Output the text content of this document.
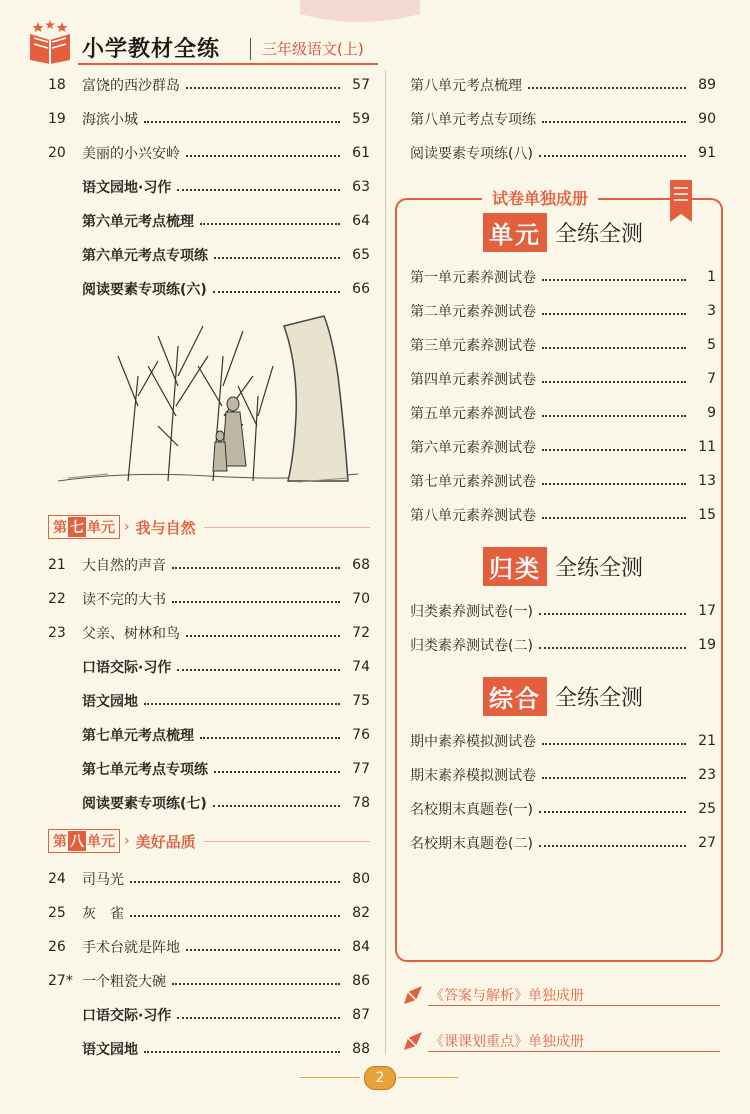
小学教材全练	三年级语文(上)
18	富饶的西沙群岛	57
19	海滨小城	59
20	美丽的小兴安岭	61
语文园地·习作	63
第六单元考点梳理	64
第六单元考点专项练	65
阅读要素专项练(六)	66
第 七 单元 › 我与自然
21	大自然的声音	68
22	读不完的大书	70
23	父亲、树林和鸟	72
口语交际·习作	74
语文园地	75
第七单元考点梳理	76
第七单元考点专项练	77
阅读要素专项练(七)	78
第 八 单元 › 美好品质
24	司马光	80
25	灰　雀	82
26	手术台就是阵地	84
27* 一个粗瓷大碗	86
口语交际·习作	87
语文园地	88
试卷单独成册
第八单元考点梳理	89
第八单元考点专项练	90
阅读要素专项练(八)	91
单元 全练全测
第一单元素养测试卷	1
第二单元素养测试卷	3
第三单元素养测试卷	5
第四单元素养测试卷	7
第五单元素养测试卷	9
第六单元素养测试卷	11
第七单元素养测试卷	13
第八单元素养测试卷	15
归类 全练全测
归类素养测试卷(一)	17
归类素养测试卷(二)	19
综合 全练全测
期中素养模拟测试卷	21
期末素养模拟测试卷	23
名校期末真题卷(一)	25
名校期末真题卷(二)	27
《答案与解析》单独成册
《课课划重点》单独成册
2
